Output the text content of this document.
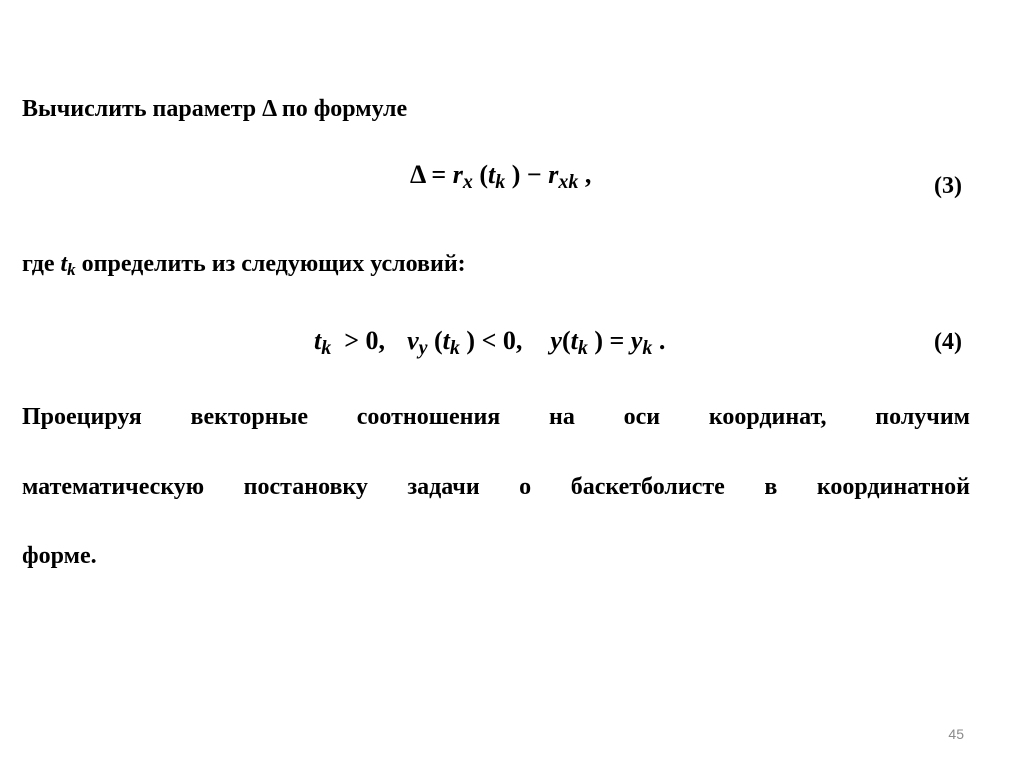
Вычислить параметр Δ по формуле
Δ = rx (tk ) − rxk ,	(3)
где tk определить из следующих условий:
tk  > 0, vy (tk ) < 0, y(tk ) = yk .	(4)
Проецируя векторные соотношения на оси координат, получим
математическую постановку задачи о баскетболисте в координатной
форме.
45
